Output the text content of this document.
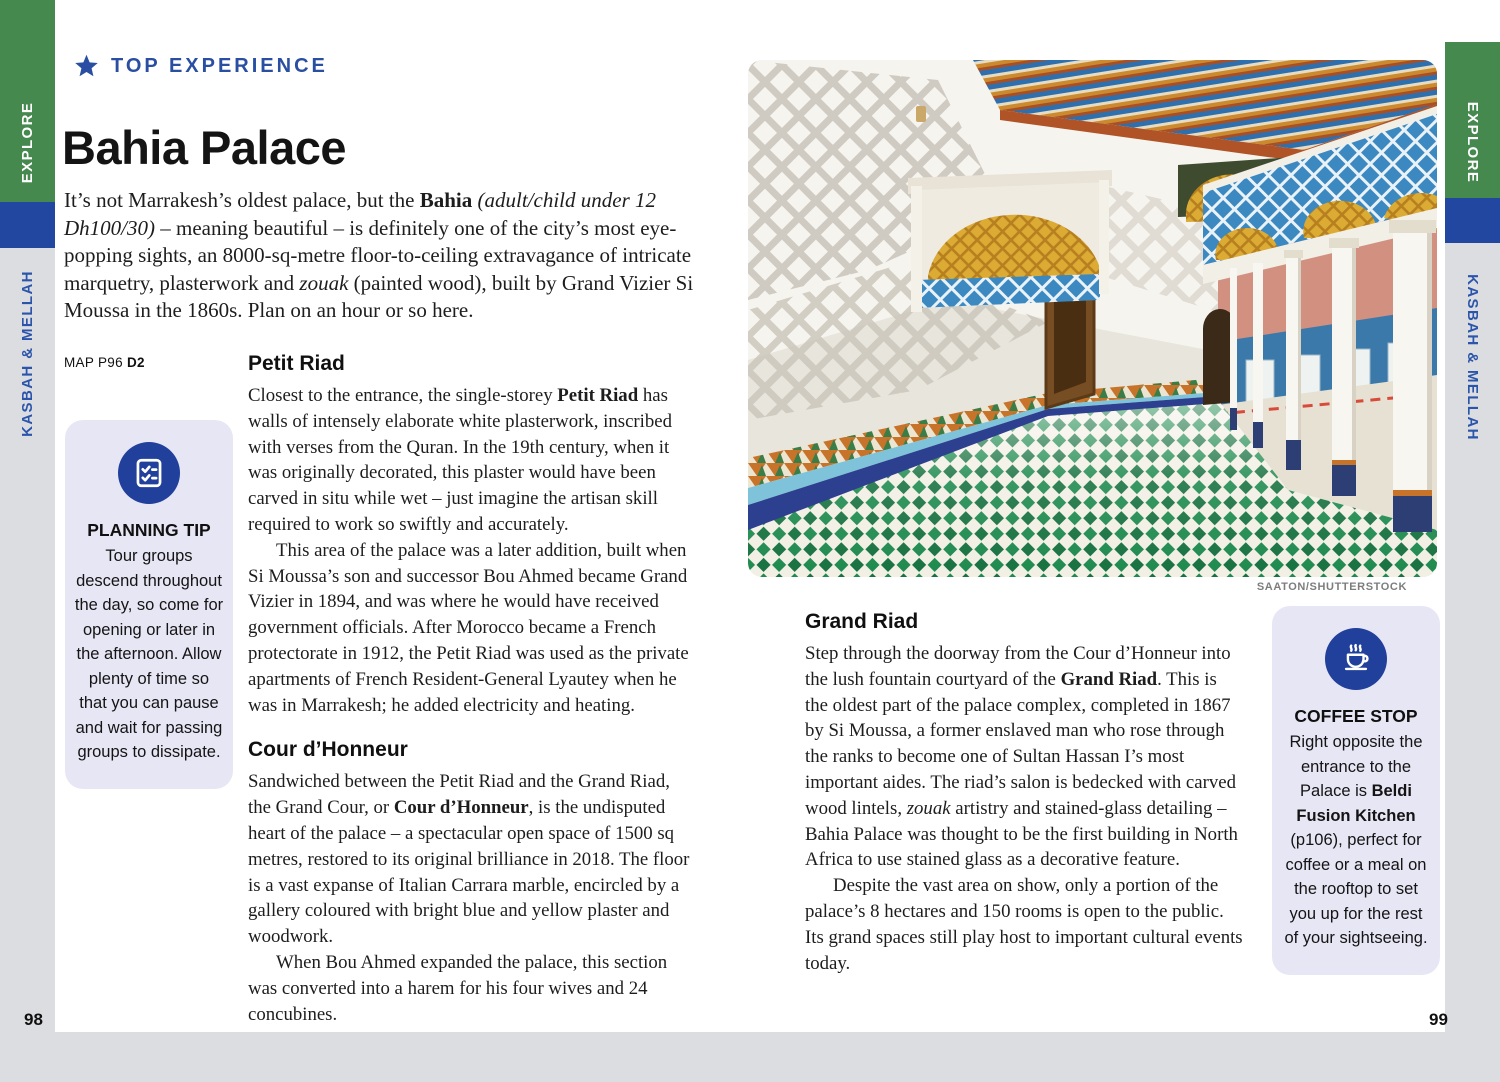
EXPLORE
KASBAH & MELLAH
EXPLORE
KASBAH & MELLAH
98	99
TOP EXPERIENCE
Bahia Palace

It’s not Marrakesh’s oldest palace, but the Bahia (adult/child under 12 Dh100/30) – meaning beautiful – is definitely one of the city’s most eye-popping sights, an 8000-sq-metre floor-to-ceiling extravagance of intricate marquetry, plasterwork and zouak (painted wood), built by Grand Vizier Si Moussa in the 1860s. Plan on an hour or so here.

MAP P96 D2
PLANNING TIP
Tour groups descend throughout the day, so come for opening or later in the afternoon. Allow plenty of time so that you can pause and wait for passing groups to dissipate.
Petit Riad

Closest to the entrance, the single-storey Petit Riad has walls of intensely elaborate white plasterwork, inscribed with verses from the Quran. In the 19th century, when it was originally decorated, this plaster would have been carved in situ while wet – just imagine the artisan skill required to work so swiftly and accurately.

This area of the palace was a later addition, built when Si Moussa’s son and successor Bou Ahmed became Grand Vizier in 1894, and was where he would have received government officials. After Morocco became a French protectorate in 1912, the Petit Riad was used as the private apartments of French Resident-General Lyautey when he was in Marrakesh; he added electricity and heating.

Cour d’Honneur

Sandwiched between the Petit Riad and the Grand Riad, the Grand Cour, or Cour d’Honneur, is the undisputed heart of the palace – a spectacular open space of 1500 sq metres, restored to its original brilliance in 2018. The floor is a vast expanse of Italian Carrara marble, encircled by a gallery coloured with bright blue and yellow plaster and woodwork.

When Bou Ahmed expanded the palace, this section was converted into a harem for his four wives and 24 concubines.

SAATON/SHUTTERSTOCK
Grand Riad

Step through the doorway from the Cour d’Honneur into the lush fountain courtyard of the Grand Riad. This is the oldest part of the palace complex, completed in 1867 by Si Moussa, a former enslaved man who rose through the ranks to become one of Sultan Hassan I’s most important aides. The riad’s salon is bedecked with carved wood lintels, zouak artistry and stained-glass detailing – Bahia Palace was thought to be the first building in North Africa to use stained glass as a decorative feature.

Despite the vast area on show, only a portion of the palace’s 8 hectares and 150 rooms is open to the public. Its grand spaces still play host to important cultural events today.

COFFEE STOP
Right opposite the entrance to the Palace is Beldi Fusion Kitchen (p106), perfect for coffee or a meal on the rooftop to set you up for the rest of your sightseeing.
